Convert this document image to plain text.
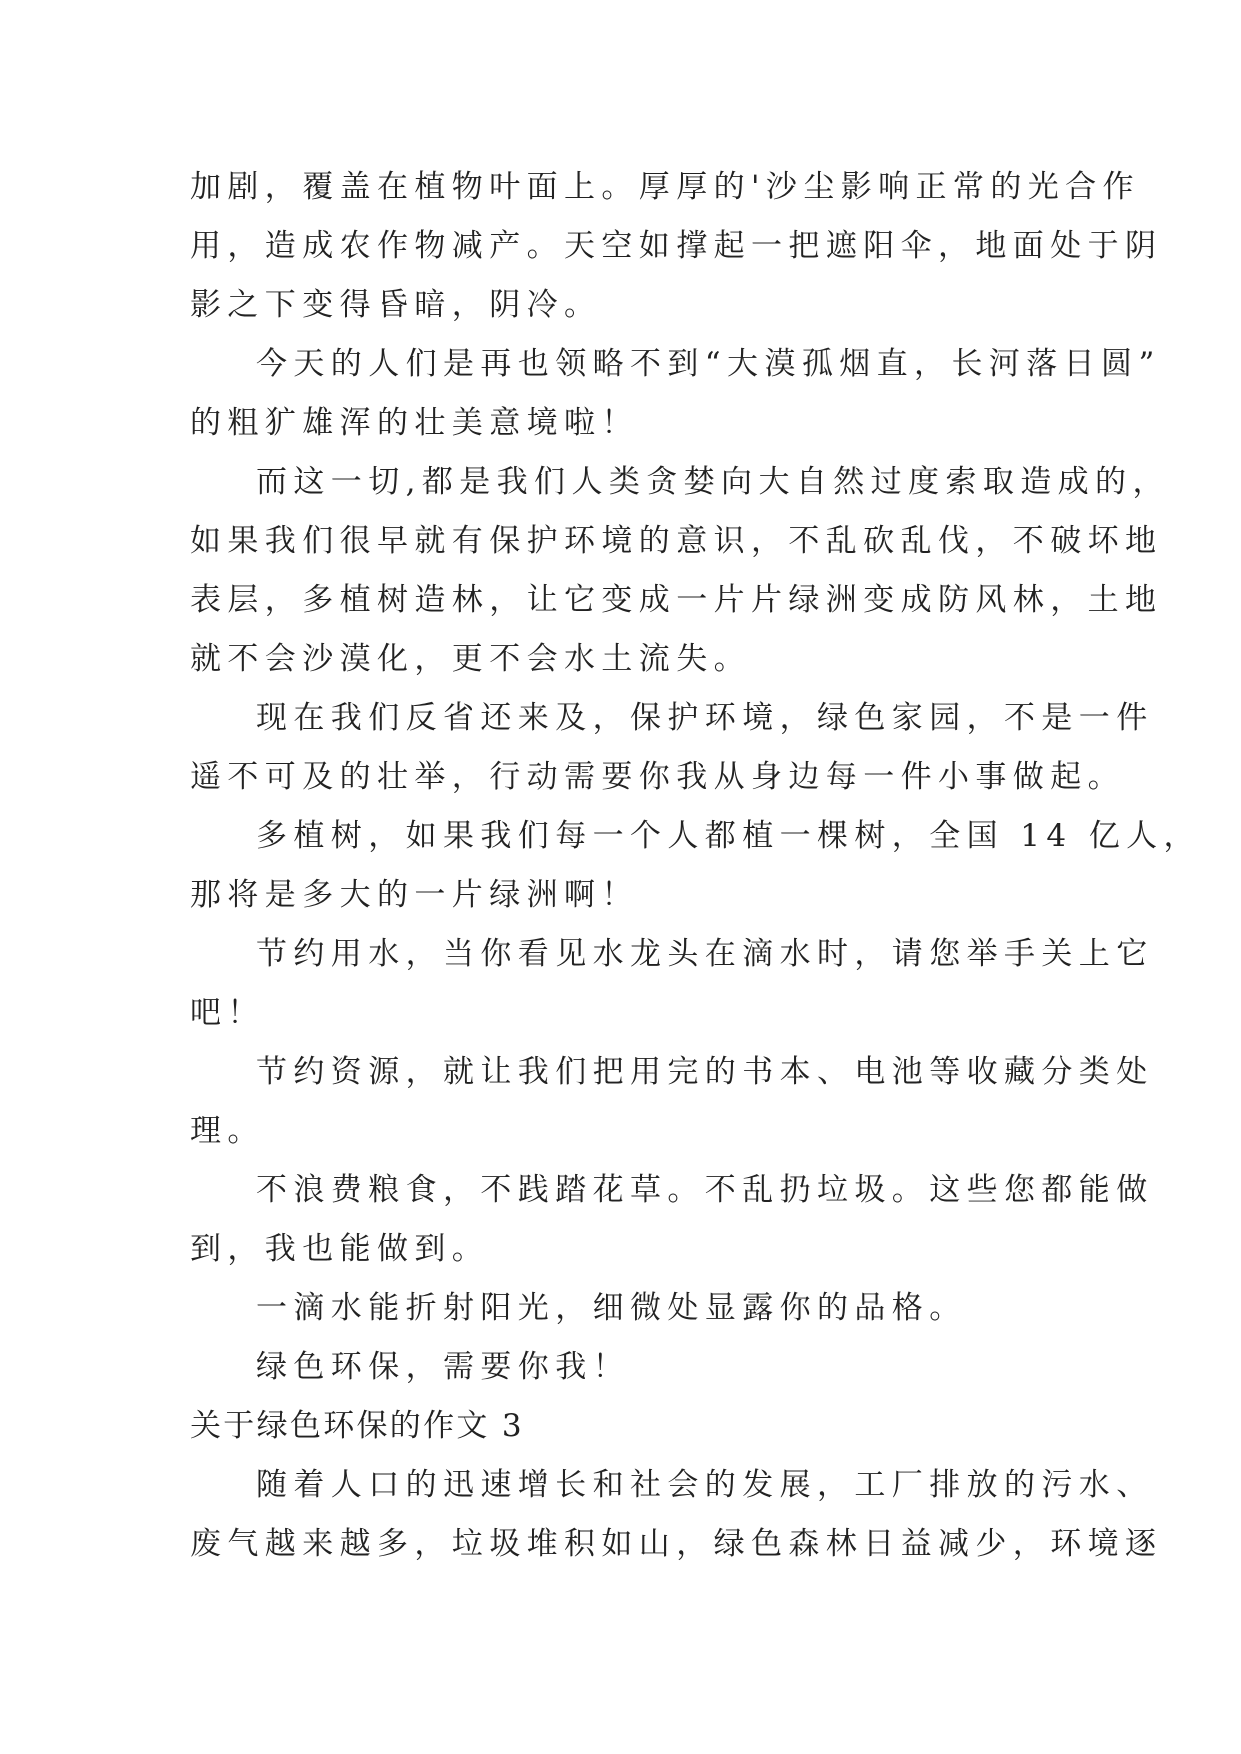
加剧，覆盖在植物叶面上。厚厚的'沙尘影响正常的光合作
用，造成农作物减产。天空如撑起一把遮阳伞，地面处于阴
影之下变得昏暗，阴冷。
今天的人们是再也领略不到“大漠孤烟直，长河落日圆”
的粗犷雄浑的壮美意境啦！
而这一切,都是我们人类贪婪向大自然过度索取造成的，
如果我们很早就有保护环境的意识，不乱砍乱伐，不破坏地
表层，多植树造林，让它变成一片片绿洲变成防风林，土地
就不会沙漠化，更不会水土流失。
现在我们反省还来及，保护环境，绿色家园，不是一件
遥不可及的壮举，行动需要你我从身边每一件小事做起。
多植树，如果我们每一个人都植一棵树，全国 14 亿人，
那将是多大的一片绿洲啊！
节约用水，当你看见水龙头在滴水时，请您举手关上它
吧！
节约资源，就让我们把用完的书本、电池等收藏分类处
理。
不浪费粮食，不践踏花草。不乱扔垃圾。这些您都能做
到，我也能做到。
一滴水能折射阳光，细微处显露你的品格。
绿色环保，需要你我！
关于绿色环保的作文 3
随着人口的迅速增长和社会的发展，工厂排放的污水、
废气越来越多，垃圾堆积如山，绿色森林日益减少，环境逐
